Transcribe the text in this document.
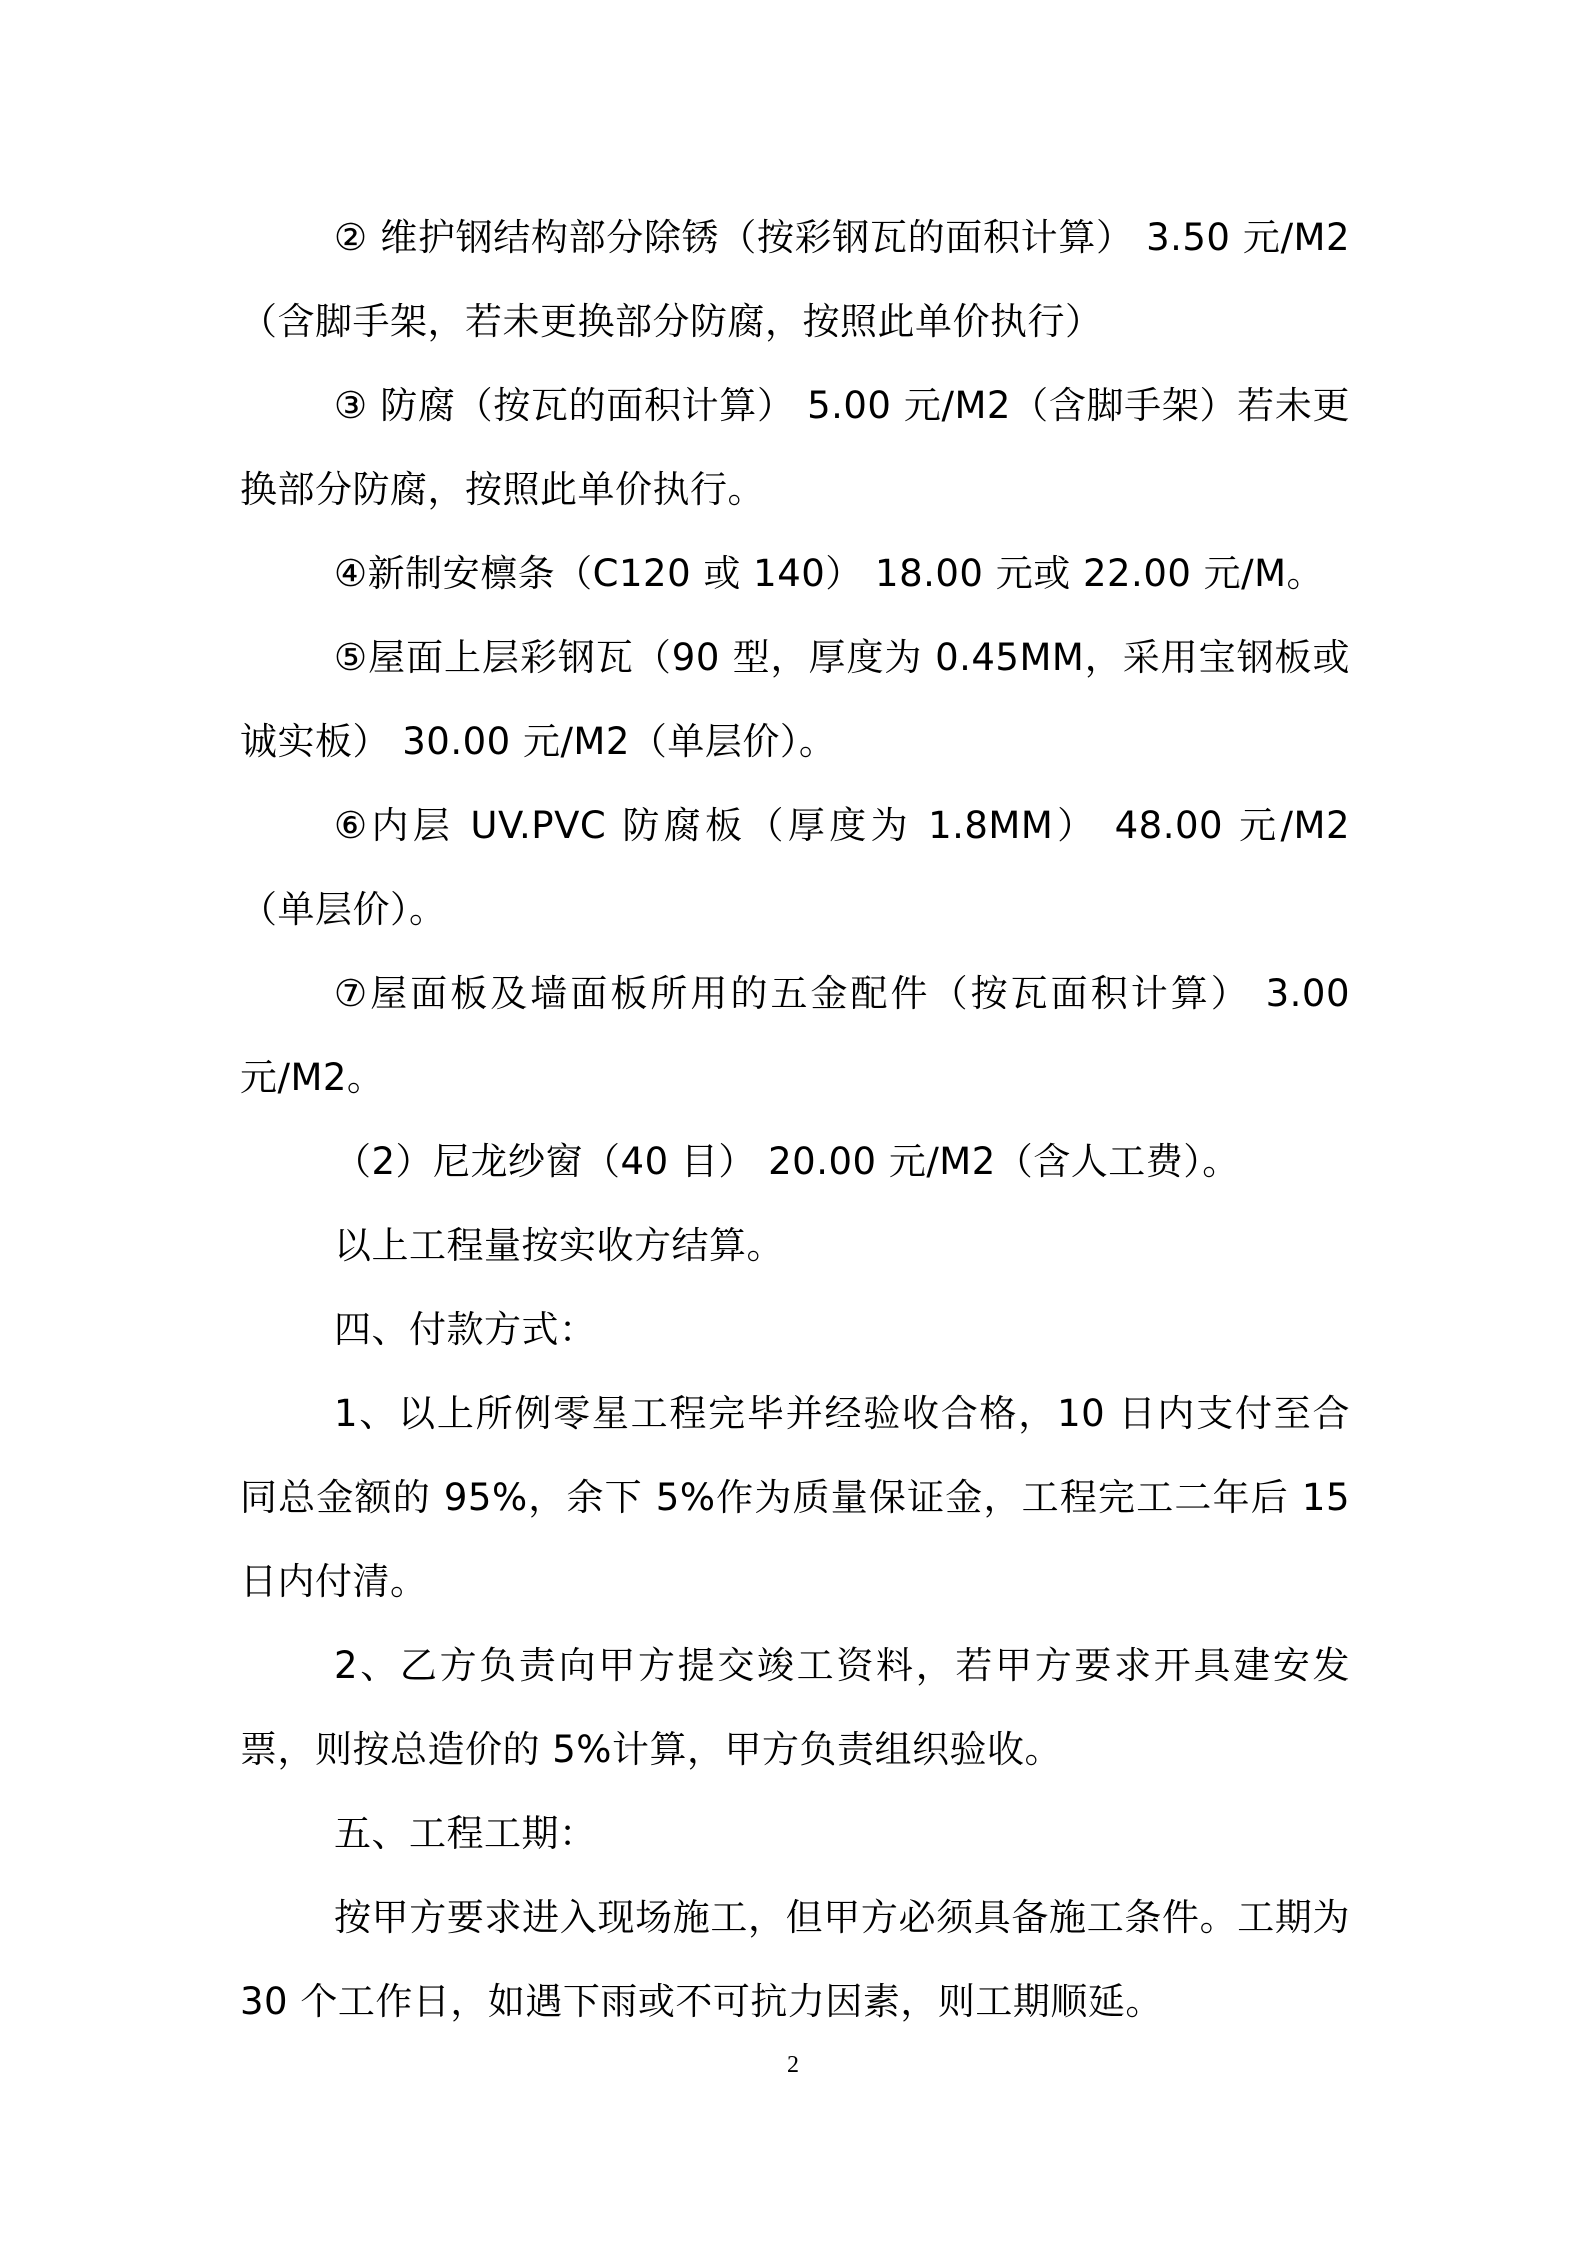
② 维护钢结构部分除锈（按彩钢瓦的面积计算） 3.50 元/M2（含脚手架，若未更换部分防腐，按照此单价执行）

③ 防腐（按瓦的面积计算） 5.00 元/M2（含脚手架）若未更换部分防腐，按照此单价执行。

④新制安檩条（C120 或 140） 18.00 元或 22.00 元/M。

⑤屋面上层彩钢瓦（90 型，厚度为 0.45MM，采用宝钢板或诚实板） 30.00 元/M2（单层价）。

⑥内层 UV.PVC 防腐板（厚度为 1.8MM） 48.00 元/M2（单层价）。

⑦屋面板及墙面板所用的五金配件（按瓦面积计算） 3.00 元/M2。

（2）尼龙纱窗（40 目） 20.00 元/M2（含人工费）。

以上工程量按实收方结算。

四、付款方式：

1、以上所例零星工程完毕并经验收合格，10 日内支付至合同总金额的 95%，余下 5%作为质量保证金，工程完工二年后 15 日内付清。

2、乙方负责向甲方提交竣工资料，若甲方要求开具建安发票，则按总造价的 5%计算，甲方负责组织验收。

五、工程工期：

按甲方要求进入现场施工，但甲方必须具备施工条件。工期为 30 个工作日，如遇下雨或不可抗力因素，则工期顺延。

2
